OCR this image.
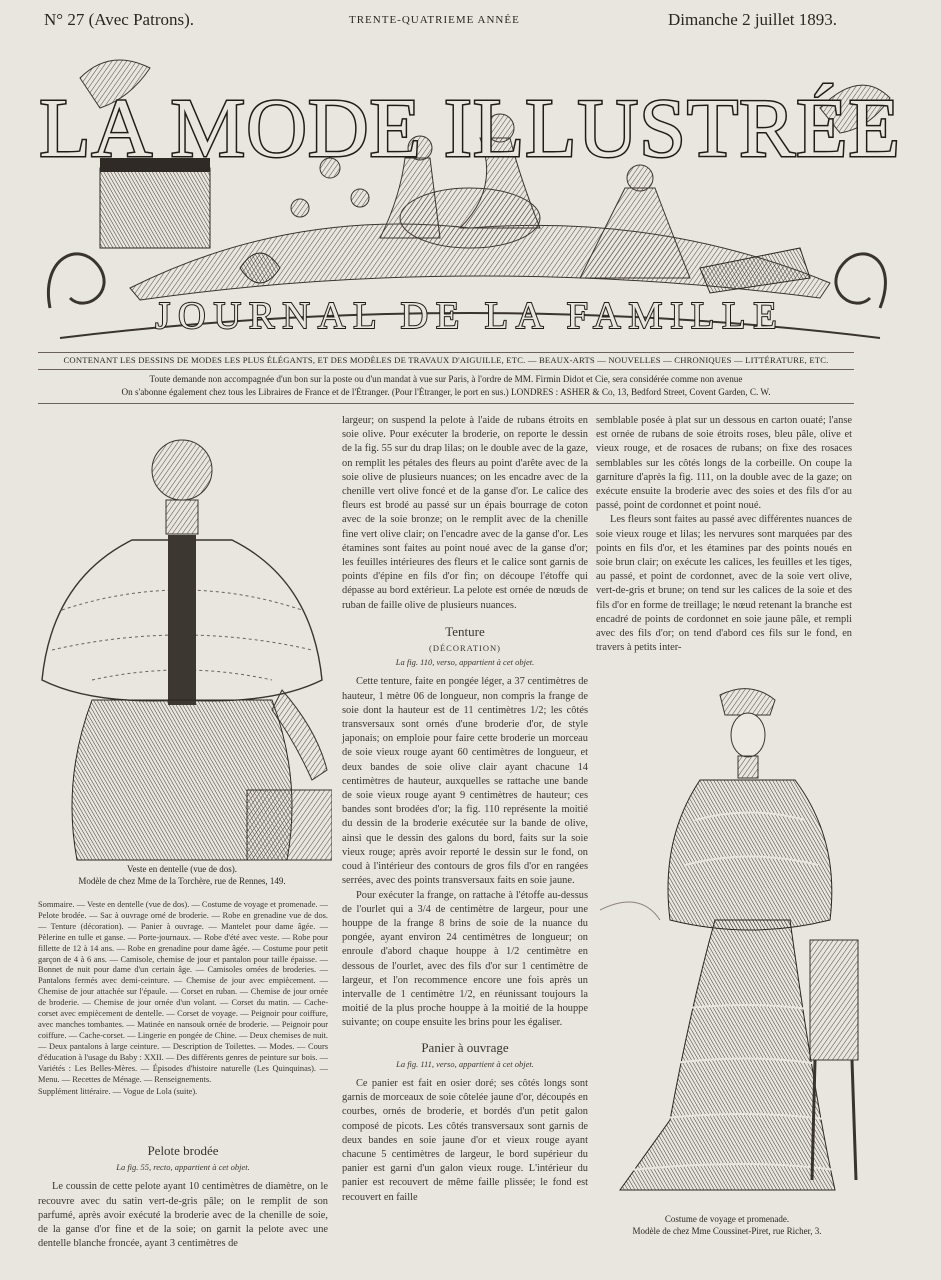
N° 27 (Avec Patrons).	TRENTE-QUATRIEME ANNÉE	Dimanche 2 juillet 1893.
LA MODE ILLUSTRÉE
JOURNAL DE LA FAMILLE
CONTENANT LES DESSINS DE MODES LES PLUS ÉLÉGANTS, ET DES MODÈLES DE TRAVAUX D'AIGUILLE, ETC. — BEAUX-ARTS — NOUVELLES — CHRONIQUES — LITTÉRATURE, ETC.
Toute demande non accompagnée d'un bon sur la poste ou d'un mandat à vue sur Paris, à l'ordre de MM. Firmin Didot et Cie, sera considérée comme non avenue
On s'abonne également chez tous les Libraires de France et de l'Étranger. (Pour l'Étranger, le port en sus.) LONDRES : ASHER & Co, 13, Bedford Street, Covent Garden, C. W.
Veste en dentelle (vue de dos).
Modèle de chez Mme de la Torchère, rue de Rennes, 149.

Sommaire. — Veste en dentelle (vue de dos). — Costume de voyage et promenade. — Pelote brodée. — Sac à ouvrage orné de broderie. — Robe en grenadine vue de dos. — Tenture (décoration). — Panier à ouvrage. — Mantelet pour dame âgée. — Pèlerine en tulle et ganse. — Porte-journaux. — Robe d'été avec veste. — Robe pour fillette de 12 à 14 ans. — Robe en grenadine pour dame âgée. — Costume pour petit garçon de 4 à 6 ans. — Camisole, chemise de jour et pantalon pour taille épaisse. — Bonnet de nuit pour dame d'un certain âge. — Camisoles ornées de broderies. — Pantalons fermés avec demi-ceinture. — Chemise de jour avec empiècement. — Chemise de jour attachée sur l'épaule. — Corset en ruban. — Chemise de jour ornée de broderie. — Chemise de jour ornée d'un volant. — Corset du matin. — Cache-corset avec empiècement de dentelle. — Corset de voyage. — Peignoir pour coiffure, avec manches tombantes. — Matinée en nansouk ornée de broderie. — Peignoir pour coiffure. — Cache-corset. — Lingerie en pongée de Chine. — Deux chemises de nuit. — Deux pantalons à large ceinture. — Description de Toilettes. — Modes. — Cours d'éducation à l'usage du Baby : XXII. — Des différents genres de peinture sur bois. — Variétés : Les Belles-Mères. — Épisodes d'histoire naturelle (Les Quinquinas). — Menu. — Recettes de Ménage. — Renseignements.

Supplément littéraire. — Vogue de Lola (suite).

Pelote brodée
La fig. 55, recto, appartient à cet objet.

Le coussin de cette pelote ayant 10 centimètres de diamètre, on le recouvre avec du satin vert-de-gris pâle; on le remplit de son parfumé, après avoir exécuté la broderie avec de la chenille de soie, de la ganse d'or fine et de la soie; on garnit la pelote avec une dentelle blanche froncée, ayant 3 centimètres de

largeur; on suspend la pelote à l'aide de rubans étroits en soie olive. Pour exécuter la broderie, on reporte le dessin de la fig. 55 sur du drap lilas; on le double avec de la gaze, on remplit les pétales des fleurs au point d'arête avec de la soie olive de plusieurs nuances; on les encadre avec de la chenille vert olive foncé et de la ganse d'or. Le calice des fleurs est brodé au passé sur un épais bourrage de coton avec de la soie bronze; on le remplit avec de la chenille fine vert olive clair; on l'encadre avec de la ganse d'or. Les étamines sont faites au point noué avec de la ganse d'or; les feuilles intérieures des fleurs et le calice sont garnis de points d'épine en fils d'or fin; on découpe l'étoffe qui dépasse au bord extérieur. La pelote est ornée de nœuds de ruban de faille olive de plusieurs nuances.

Tenture
(DÉCORATION)
La fig. 110, verso, appartient à cet objet.

Cette tenture, faite en pongée léger, a 37 centimètres de hauteur, 1 mètre 06 de longueur, non compris la frange de soie dont la hauteur est de 11 centimètres 1/2; les côtés transversaux sont ornés d'une broderie d'or, de style japonais; on emploie pour faire cette broderie un morceau de soie vieux rouge ayant 60 centimètres de longueur, et deux bandes de soie olive clair ayant chacune 14 centimètres de hauteur, auxquelles se rattache une bande de soie vieux rouge ayant 9 centimètres de hauteur; ces bandes sont brodées d'or; la fig. 110 représente la moitié du dessin de la broderie exécutée sur la bande de olive, ainsi que le dessin des galons du bord, faits sur la soie vieux rouge; après avoir reporté le dessin sur le fond, on coud à l'intérieur des contours de gros fils d'or en rangées serrées, avec des points transversaux faits en soie jaune.

Pour exécuter la frange, on rattache à l'étoffe au-dessus de l'ourlet qui a 3/4 de centimètre de largeur, pour une houppe de la frange 8 brins de soie de la nuance du pongée, ayant environ 24 centimètres de longueur; on enroule d'abord chaque houppe à 1/2 centimètre en dessous de l'ourlet, avec des fils d'or sur 1 centimètre de largeur, et l'on recommence encore une fois après un intervalle de 1 centimètre 1/2, en réunissant toujours la moitié de la plus proche houppe à la moitié de la houppe suivante; on coupe ensuite les brins pour les égaliser.

Panier à ouvrage
La fig. 111, verso, appartient à cet objet.

Ce panier est fait en osier doré; ses côtés longs sont garnis de morceaux de soie côtelée jaune d'or, découpés en courbes, ornés de broderie, et bordés d'un petit galon composé de picots. Les côtés transversaux sont garnis de deux bandes en soie jaune d'or et vieux rouge ayant chacune 5 centimètres de largeur, le bord supérieur du panier est garni d'un galon vieux rouge. L'intérieur du panier est recouvert de même faille plissée; le fond est recouvert en faille

semblable posée à plat sur un dessous en carton ouaté; l'anse est ornée de rubans de soie étroits roses, bleu pâle, olive et vieux rouge, et de rosaces de rubans; on fixe des rosaces semblables sur les côtés longs de la corbeille. On coupe la garniture d'après la fig. 111, on la double avec de la gaze; on exécute ensuite la broderie avec des soies et des fils d'or au passé, point de cordonnet et point noué.

Les fleurs sont faites au passé avec différentes nuances de soie vieux rouge et lilas; les nervures sont marquées par des points en fils d'or, et les étamines par des points noués en soie brun clair; on exécute les calices, les feuilles et les tiges, au passé, et point de cordonnet, avec de la soie vert olive, vert-de-gris et brune; on tend sur les calices de la soie et des fils d'or en forme de treillage; le nœud retenant la branche est encadré de points de cordonnet en soie jaune pâle, et rempli avec des fils d'or; on tend d'abord ces fils sur le fond, en travers à petits inter-

Costume de voyage et promenade.
Modèle de chez Mme Coussinet-Piret, rue Richer, 3.
